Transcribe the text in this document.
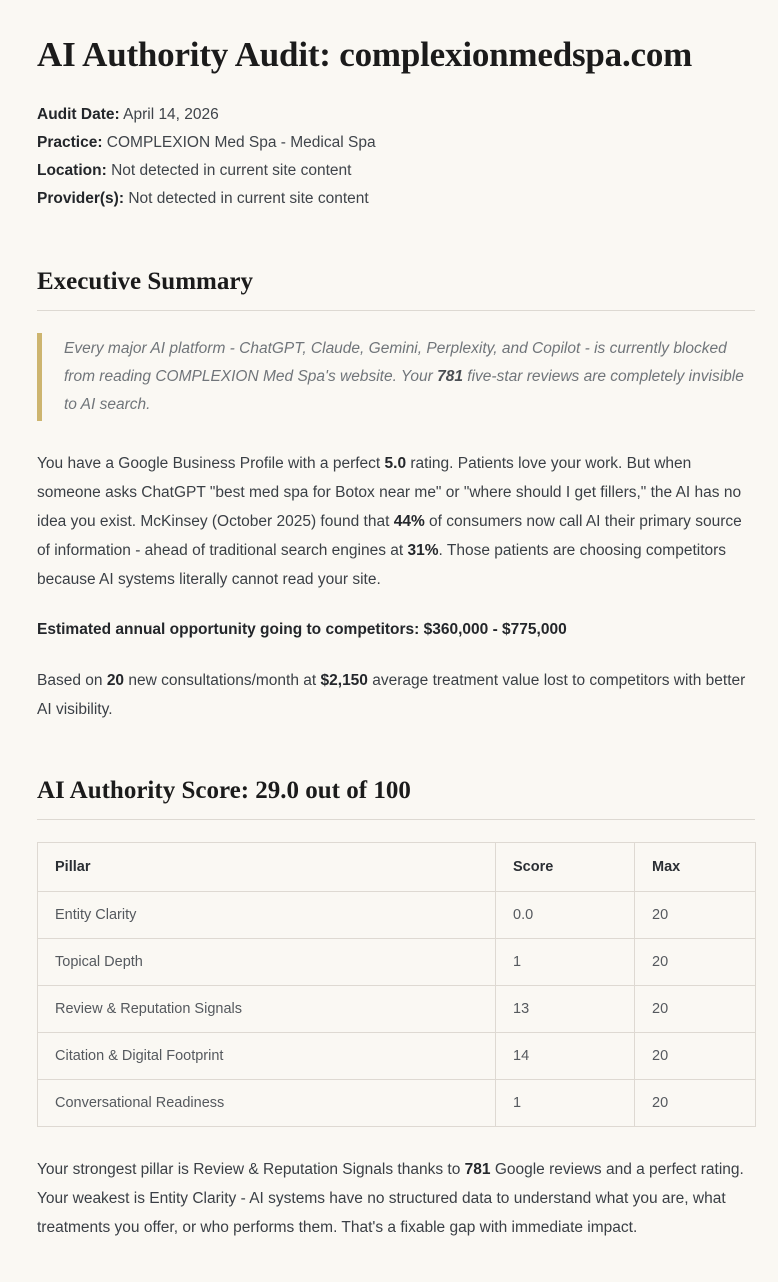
AI Authority Audit: complexionmedspa.com
Audit Date: April 14, 2026
Practice: COMPLEXION Med Spa - Medical Spa
Location: Not detected in current site content
Provider(s): Not detected in current site content
Executive Summary

Every major AI platform - ChatGPT, Claude, Gemini, Perplexity, and Copilot - is currently blocked from reading COMPLEXION Med Spa's website. Your 781 five-star reviews are completely invisible to AI search.

You have a Google Business Profile with a perfect 5.0 rating. Patients love your work. But when someone asks ChatGPT "best med spa for Botox near me" or "where should I get fillers," the AI has no idea you exist. McKinsey (October 2025) found that 44% of consumers now call AI their primary source of information - ahead of traditional search engines at 31%. Those patients are choosing competitors because AI systems literally cannot read your site.

Estimated annual opportunity going to competitors: $360,000 - $775,000

Based on 20 new consultations/month at $2,150 average treatment value lost to competitors with better AI visibility.

AI Authority Score: 29.0 out of 100
Pillar	Score	Max
Entity Clarity	0.0	20
Topical Depth	1	20
Review & Reputation Signals	13	20
Citation & Digital Footprint	14	20
Conversational Readiness	1	20

Your strongest pillar is Review & Reputation Signals thanks to 781 Google reviews and a perfect rating. Your weakest is Entity Clarity - AI systems have no structured data to understand what you are, what treatments you offer, or who performs them. That's a fixable gap with immediate impact.
